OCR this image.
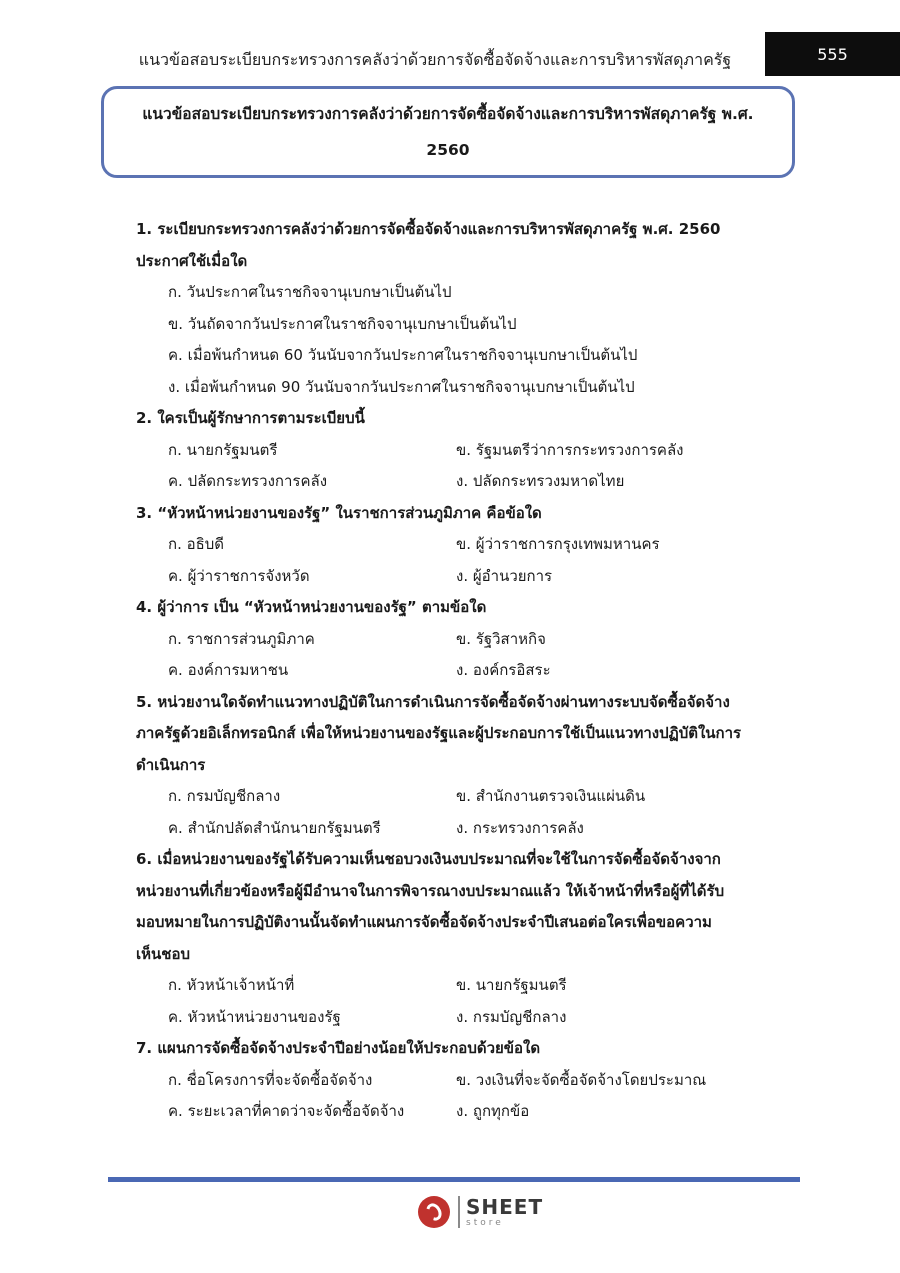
แนวข้อสอบระเบียบกระทรวงการคลังว่าด้วยการจัดซื้อจัดจ้างและการบริหารพัสดุภาครัฐ	555
แนวข้อสอบระเบียบกระทรวงการคลังว่าด้วยการจัดซื้อจัดจ้างและการบริหารพัสดุภาครัฐ พ.ศ.
2560
1. ระเบียบกระทรวงการคลังว่าด้วยการจัดซื้อจัดจ้างและการบริหารพัสดุภาครัฐ พ.ศ. 2560
ประกาศใช้เมื่อใด
ก. วันประกาศในราชกิจจานุเบกษาเป็นต้นไป
ข. วันถัดจากวันประกาศในราชกิจจานุเบกษาเป็นต้นไป
ค. เมื่อพ้นกำหนด 60 วันนับจากวันประกาศในราชกิจจานุเบกษาเป็นต้นไป
ง. เมื่อพ้นกำหนด 90 วันนับจากวันประกาศในราชกิจจานุเบกษาเป็นต้นไป
2. ใครเป็นผู้รักษาการตามระเบียบนี้
ก. นายกรัฐมนตรี	ข. รัฐมนตรีว่าการกระทรวงการคลัง
ค. ปลัดกระทรวงการคลัง	ง. ปลัดกระทรวงมหาดไทย
3. “หัวหน้าหน่วยงานของรัฐ” ในราชการส่วนภูมิภาค คือข้อใด
ก. อธิบดี	ข. ผู้ว่าราชการกรุงเทพมหานคร
ค. ผู้ว่าราชการจังหวัด	ง. ผู้อำนวยการ
4. ผู้ว่าการ เป็น “หัวหน้าหน่วยงานของรัฐ” ตามข้อใด
ก. ราชการส่วนภูมิภาค	ข. รัฐวิสาหกิจ
ค. องค์การมหาชน	ง. องค์กรอิสระ
5. หน่วยงานใดจัดทำแนวทางปฏิบัติในการดำเนินการจัดซื้อจัดจ้างผ่านทางระบบจัดซื้อจัดจ้าง
ภาครัฐด้วยอิเล็กทรอนิกส์ เพื่อให้หน่วยงานของรัฐและผู้ประกอบการใช้เป็นแนวทางปฏิบัติในการ
ดำเนินการ
ก. กรมบัญชีกลาง	ข. สำนักงานตรวจเงินแผ่นดิน
ค. สำนักปลัดสำนักนายกรัฐมนตรี	ง. กระทรวงการคลัง
6. เมื่อหน่วยงานของรัฐได้รับความเห็นชอบวงเงินงบประมาณที่จะใช้ในการจัดซื้อจัดจ้างจาก
หน่วยงานที่เกี่ยวข้องหรือผู้มีอำนาจในการพิจารณางบประมาณแล้ว ให้เจ้าหน้าที่หรือผู้ที่ได้รับ
มอบหมายในการปฏิบัติงานนั้นจัดทำแผนการจัดซื้อจัดจ้างประจำปีเสนอต่อใครเพื่อขอความ
เห็นชอบ
ก. หัวหน้าเจ้าหน้าที่	ข. นายกรัฐมนตรี
ค. หัวหน้าหน่วยงานของรัฐ	ง. กรมบัญชีกลาง
7. แผนการจัดซื้อจัดจ้างประจำปีอย่างน้อยให้ประกอบด้วยข้อใด
ก. ชื่อโครงการที่จะจัดซื้อจัดจ้าง	ข. วงเงินที่จะจัดซื้อจัดจ้างโดยประมาณ
ค. ระยะเวลาที่คาดว่าจะจัดซื้อจัดจ้าง	ง. ถูกทุกข้อ
SHEET
store
